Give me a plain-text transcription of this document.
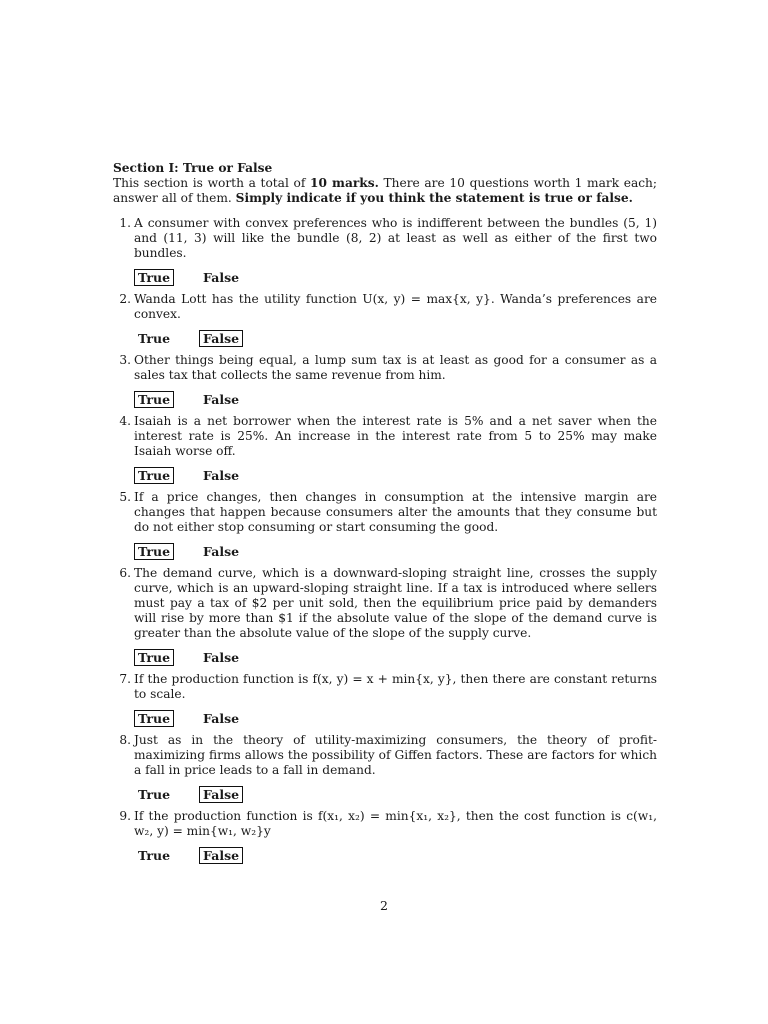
Section I: True or False

This section is worth a total of 10 marks. There are 10 questions worth 1 mark each; answer all of them. Simply indicate if you think the statement is true or false.

1. A consumer with convex preferences who is indifferent between the bundles (5, 1) and (11, 3) will like the bundle (8, 2) at least as well as either of the first two bundles.

True	False
2. Wanda Lott has the utility function U(x, y) = max{x, y}. Wanda’s preferences are convex.

True	False
3. Other things being equal, a lump sum tax is at least as good for a consumer as a sales tax that collects the same revenue from him.

True	False
4. Isaiah is a net borrower when the interest rate is 5% and a net saver when the interest rate is 25%. An increase in the interest rate from 5 to 25% may make Isaiah worse off.

True	False
5. If a price changes, then changes in consumption at the intensive margin are changes that happen because consumers alter the amounts that they consume but do not either stop consuming or start consuming the good.

True	False
6. The demand curve, which is a downward-sloping straight line, crosses the supply curve, which is an upward-sloping straight line. If a tax is introduced where sellers must pay a tax of $2 per unit sold, then the equilibrium price paid by demanders will rise by more than $1 if the absolute value of the slope of the demand curve is greater than the absolute value of the slope of the supply curve.

True	False
7. If the production function is f(x, y) = x + min{x, y}, then there are constant returns to scale.

True	False
8. Just as in the theory of utility-maximizing consumers, the theory of profit-maximizing firms allows the possibility of Giffen factors. These are factors for which a fall in price leads to a fall in demand.

True	False
9. If the production function is f(x₁, x₂) = min{x₁, x₂}, then the cost function is c(w₁, w₂, y) = min{w₁, w₂}y

True	False
2
